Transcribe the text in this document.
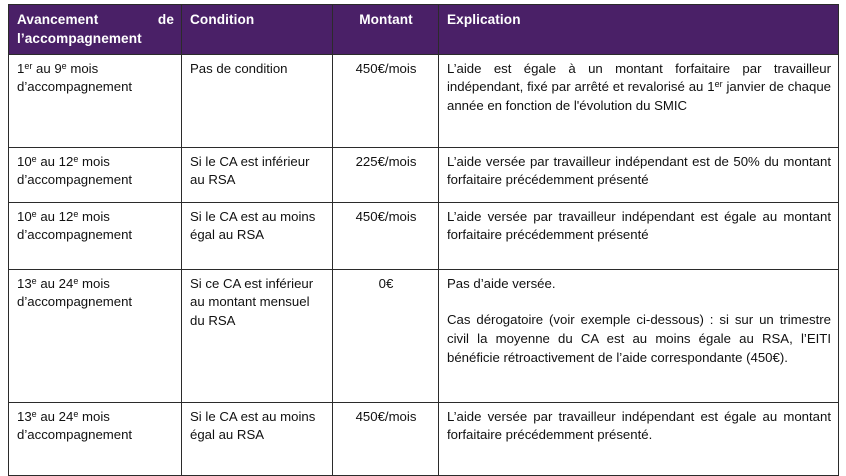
Avancement de l’accompagnement	Condition	Montant	Explication
1er au 9e mois d’accompagnement	Pas de condition	450€/mois	L’aide est égale à un montant forfaitaire par travailleur indépendant, fixé par arrêté et revalorisé au 1er janvier de chaque année en fonction de l'évolution du SMIC
10e au 12e mois d’accompagnement	Si le CA est inférieur au RSA	225€/mois	L’aide versée par travailleur indépendant est de 50% du montant forfaitaire précédemment présenté
10e au 12e mois d’accompagnement	Si le CA est au moins égal au RSA	450€/mois	L’aide versée par travailleur indépendant est égale au montant forfaitaire précédemment présenté
13e au 24e mois d’accompagnement	Si ce CA est inférieur au montant mensuel du RSA	0€	Pas d’aide versée.

Cas dérogatoire (voir exemple ci-dessous) : si sur un trimestre civil la moyenne du CA est au moins égale au RSA, l’EITI bénéficie rétroactivement de l’aide correspondante (450€).

13e au 24e mois d’accompagnement	Si le CA est au moins égal au RSA	450€/mois	L’aide versée par travailleur indépendant est égale au montant forfaitaire précédemment présenté.
